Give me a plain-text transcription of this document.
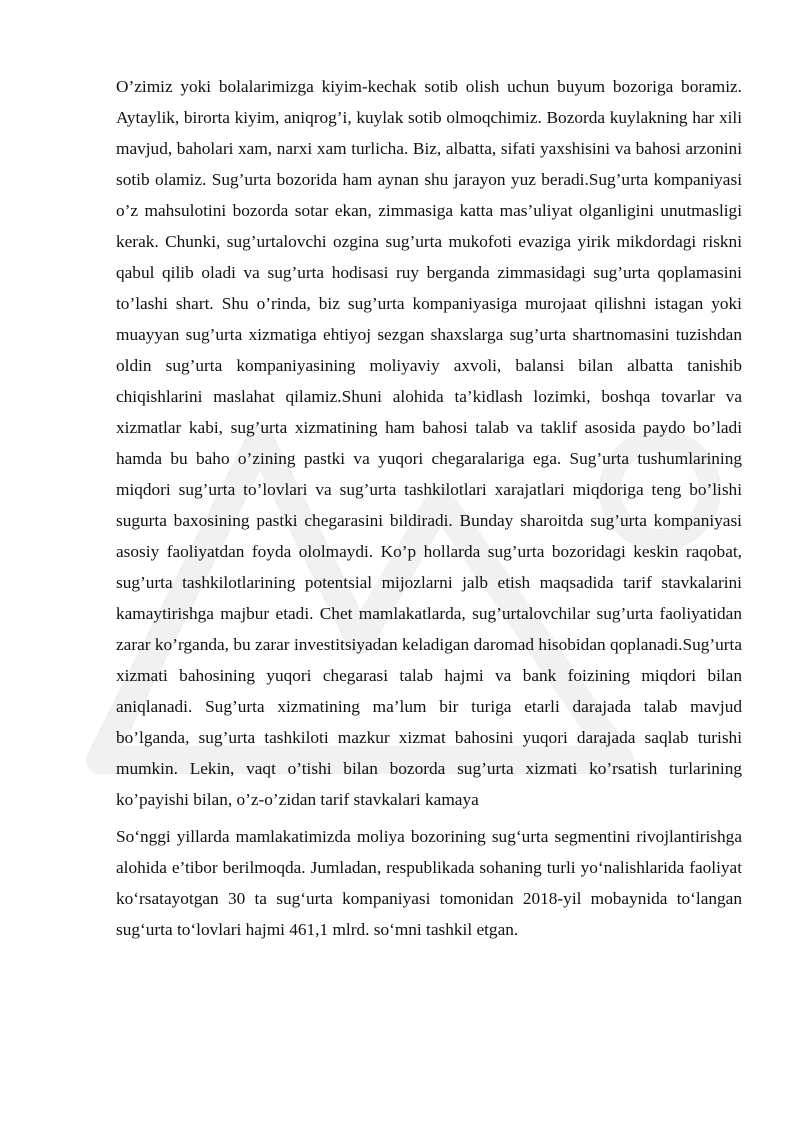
O’zimiz yoki bolalarimizga kiyim-kechak sotib olish uchun buyum bozoriga boramiz. Aytaylik, birorta kiyim, aniqrog’i, kuylak sotib olmoqchimiz. Bozorda kuylakning har xili mavjud, baholari xam, narxi xam turlicha. Biz, albatta, sifati yaxshisini va bahosi arzonini sotib olamiz. Sug’urta bozorida ham aynan shu jarayon yuz beradi.Sug’urta kompaniyasi o’z mahsulotini bozorda sotar ekan, zimmasiga katta mas’uliyat olganligini unutmasligi kerak. Chunki, sug’urtalovchi ozgina sug’urta mukofoti evaziga yirik mikdordagi riskni qabul qilib oladi va sug’urta hodisasi ruy berganda zimmasidagi sug’urta qoplamasini to’lashi shart. Shu o’rinda, biz sug’urta kompaniyasiga murojaat qilishni istagan yoki muayyan sug’urta xizmatiga ehtiyoj sezgan shaxslarga sug’urta shartnomasini tuzishdan oldin sug’urta kompaniyasining moliyaviy axvoli, balansi bilan albatta tanishib chiqishlarini maslahat qilamiz.Shuni alohida ta’kidlash lozimki, boshqa tovarlar va xizmatlar kabi, sug’urta xizmatining ham bahosi talab va taklif asosida paydo bo’ladi hamda bu baho o’zining pastki va yuqori chegaralariga ega. Sug’urta tushumlarining miqdori sug’urta to’lovlari va sug’urta tashkilotlari xarajatlari miqdoriga teng bo’lishi sugurta baxosining pastki chegarasini bildiradi. Bunday sharoitda sug’urta kompaniyasi asosiy faoliyatdan foyda ololmaydi. Ko’p hollarda sug’urta bozoridagi keskin raqobat, sug’urta tashkilotlarining potentsial mijozlarni jalb etish maqsadida tarif stavkalarini kamaytirishga majbur etadi. Chet mamlakatlarda, sug’urtalovchilar sug’urta faoliyatidan zarar ko’rganda, bu zarar investitsiyadan keladigan daromad hisobidan qoplanadi.Sug’urta xizmati bahosining yuqori chegarasi talab hajmi va bank foizining miqdori bilan aniqlanadi. Sug’urta xizmatining ma’lum bir turiga etarli darajada talab mavjud bo’lganda, sug’urta tashkiloti mazkur xizmat bahosini yuqori darajada saqlab turishi mumkin. Lekin, vaqt o’tishi bilan bozorda sug’urta xizmati ko’rsatish turlarining ko’payishi bilan, o’z-o’zidan tarif stavkalari kamaya

So‘nggi yillarda mamlakatimizda moliya bozorining sug‘urta segmentini rivojlantirishga alohida e’tibor berilmoqda. Jumladan, respublikada sohaning turli yo‘nalishlarida faoliyat ko‘rsatayotgan 30 ta sug‘urta kompaniyasi tomonidan 2018-yil mobaynida to‘langan sug‘urta to‘lovlari hajmi 461,1 mlrd. so‘mni tashkil etgan.
